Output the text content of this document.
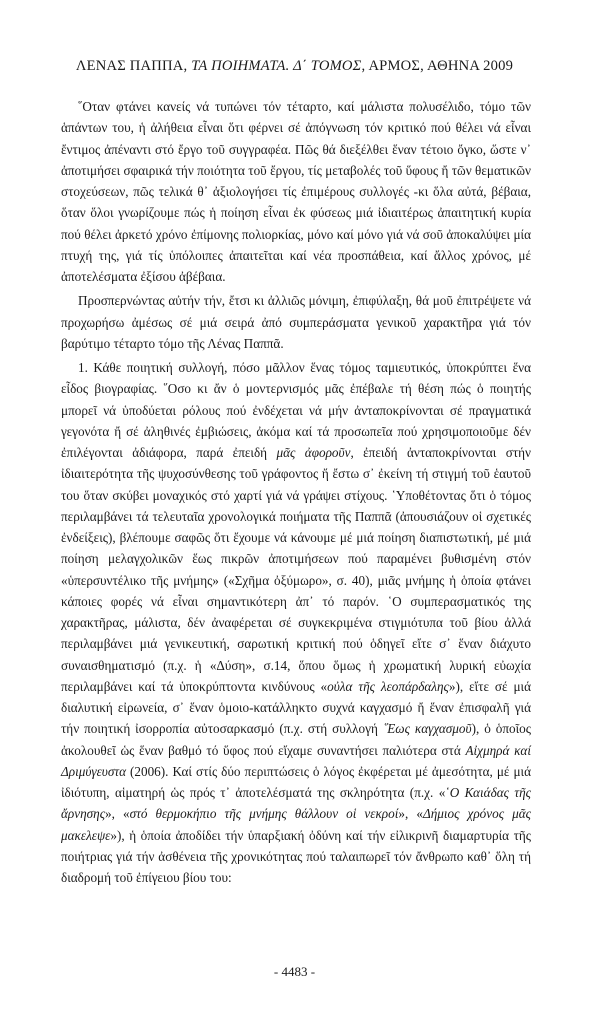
ΛΕΝΑΣ ΠΑΠΠΑ, ΤΑ ΠΟΙΗΜΑΤΑ. Δ΄ ΤΟΜΟΣ, ΑΡΜΟΣ, ΑΘΗΝΑ 2009

῞Οταν φτάνει κανείς νά τυπώνει τόν τέταρτο, καί μάλιστα πολυσέλιδο, τόμο τῶν ἁπάντων του, ἡ ἀλήθεια εἶναι ὅτι φέρνει σέ ἀπόγνωση τόν κριτικό πού θέλει νά εἶναι ἔντιμος ἀπέναντι στό ἔργο τοῦ συγγραφέα. Πῶς θά διεξέλθει ἕναν τέτοιο ὄγκο, ὥστε ν᾽ ἀποτιμήσει σφαιρικά τήν ποιότητα τοῦ ἔργου, τίς μεταβολές τοῦ ὕφους ἤ τῶν θεματικῶν στοχεύσεων, πῶς τελικά θ᾽ ἀξιολογήσει τίς ἐπιμέρους συλλογές -κι ὅλα αὐτά, βέβαια, ὅταν ὅλοι γνωρίζουμε πώς ἡ ποίηση εἶναι ἐκ φύσεως μιά ἰδιαιτέρως ἀπαιτητική κυρία πού θέλει ἀρκετό χρόνο ἐπίμονης πολιορκίας, μόνο καί μόνο γιά νά σοῦ ἀποκαλύψει μία πτυχή της, γιά τίς ὑπόλοιπες ἀπαιτεῖται καί νέα προσπάθεια, καί ἄλλος χρόνος, μέ ἀποτελέσματα ἐξίσου ἀβέβαια.

Προσπερνώντας αὐτήν τήν, ἔτσι κι ἀλλιῶς μόνιμη, ἐπιφύλαξη, θά μοῦ ἐπιτρέψετε νά προχωρήσω ἀμέσως σέ μιά σειρά ἀπό συμπεράσματα γενικοῦ χαρακτῆρα γιά τόν βαρύτιμο τέταρτο τόμο τῆς Λένας Παππᾶ.

1. Κάθε ποιητική συλλογή, πόσο μᾶλλον ἕνας τόμος ταμιευτικός, ὑποκρύπτει ἕνα εἶδος βιογραφίας. ῞Οσο κι ἄν ὁ μοντερνισμός μᾶς ἐπέβαλε τή θέση πώς ὁ ποιητής μπορεῖ νά ὑποδύεται ρόλους πού ἐνδέχεται νά μήν ἀνταποκρίνονται σέ πραγματικά γεγονότα ἤ σέ ἀληθινές ἐμβιώσεις, ἀκόμα καί τά προσωπεῖα πού χρησιμοποιοῦμε δέν ἐπιλέγονται ἀδιάφορα, παρά ἐπειδή μᾶς ἀφοροῦν, ἐπειδή ἀνταποκρίνονται στήν ἰδιαιτερότητα τῆς ψυχοσύνθεσης τοῦ γράφοντος ἤ ἔστω σ᾽ ἐκείνη τή στιγμή τοῦ ἑαυτοῦ του ὅταν σκύβει μοναχικός στό χαρτί γιά νά γράψει στίχους. ῾Υποθέτοντας ὅτι ὁ τόμος περιλαμβάνει τά τελευταῖα χρονολογικά ποιήματα τῆς Παππᾶ (ἀπουσιάζουν οἱ σχετικές ἐνδείξεις), βλέπουμε σαφῶς ὅτι ἔχουμε νά κάνουμε μέ μιά ποίηση διαπιστωτική, μέ μιά ποίηση μελαγχολικῶν ἕως πικρῶν ἀποτιμήσεων πού παραμένει βυθισμένη στόν «ὑπερσυντέλικο τῆς μνήμης» («Σχῆμα ὀξύμωρο», σ. 40), μιᾶς μνήμης ἡ ὁποία φτάνει κάποιες φορές νά εἶναι σημαντικότερη ἀπ᾽ τό παρόν. ῾Ο συμπερασματικός της χαρακτῆρας, μάλιστα, δέν ἀναφέρεται σέ συγκεκριμένα στιγμιότυπα τοῦ βίου ἀλλά περιλαμβάνει μιά γενικευτική, σαρωτική κριτική πού ὁδηγεῖ εἴτε σ᾽ ἕναν διάχυτο συναισθηματισμό (π.χ. ἡ «Δύση», σ.14, ὅπου ὅμως ἡ χρωματική λυρική εὐωχία περιλαμβάνει καί τά ὑποκρύπτοντα κινδύνους «οὐλα τῆς λεοπάρδαλης»), εἴτε σέ μιά διαλυτική εἰρωνεία, σ᾽ ἕναν ὁμοιο-κατάλληκτο συχνά καγχασμό ἤ ἕναν ἐπισφαλῆ γιά τήν ποιητική ἰσορροπία αὐτοσαρκασμό (π.χ. στή συλλογή ῞Εως καγχασμοῦ), ὁ ὁποῖος ἀκολουθεῖ ὡς ἕναν βαθμό τό ὕφος πού εἴχαμε συναντήσει παλιότερα στά Αἰχμηρά καί Δριμύγευστα (2006). Καί στίς δύο περιπτώσεις ὁ λόγος ἐκφέρεται μέ ἀμεσότητα, μέ μιά ἰδιότυπη, αἱματηρή ὡς πρός τ᾽ ἀποτελέσματά της σκληρότητα (π.χ. «῾Ο Καιάδας τῆς ἄρνησης», «στό θερμοκήπιο τῆς μνήμης θάλλουν οἱ νεκροί», «Δήμιος χρόνος μᾶς μακελεψε»), ἡ ὁποία ἀποδίδει τήν ὑπαρξιακή ὀδύνη καί τήν εἰλικρινῆ διαμαρτυρία τῆς ποιήτριας γιά τήν ἀσθένεια τῆς χρονικότητας πού ταλαιπωρεῖ τόν ἄνθρωπο καθ᾽ ὅλη τή διαδρομή τοῦ ἐπίγειου βίου του:

- 4483 -
